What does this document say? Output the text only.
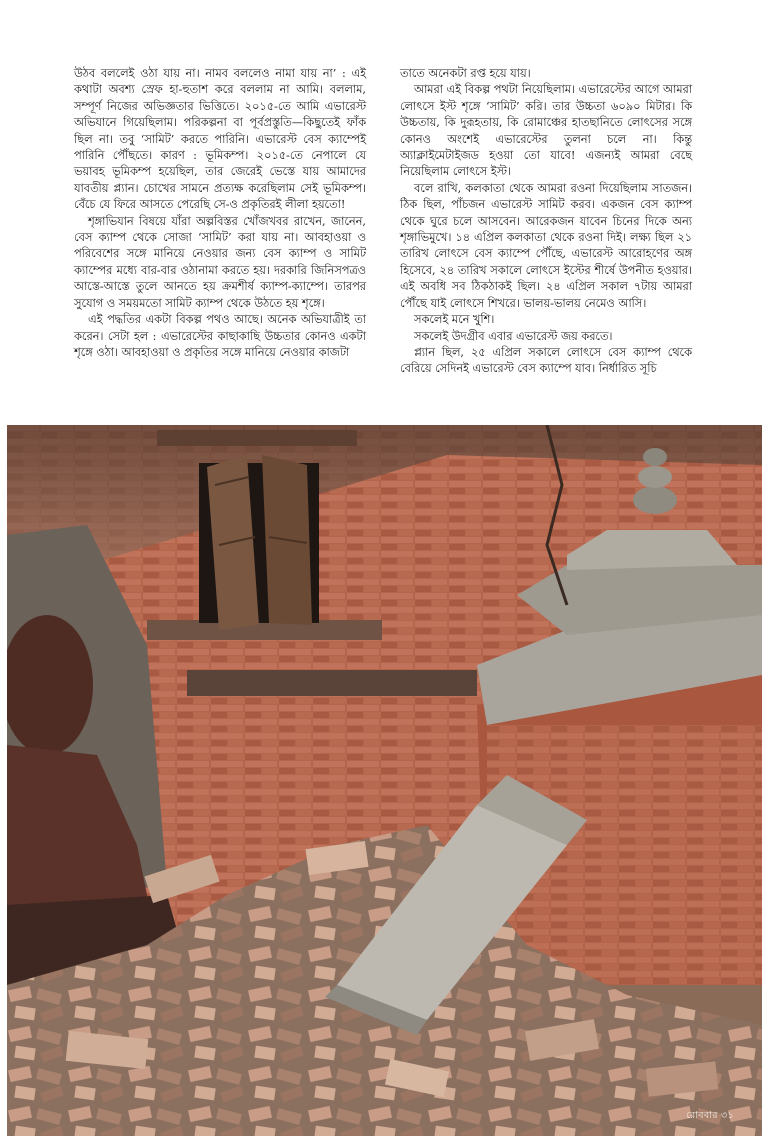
উঠব বললেই ওঠা যায় না। নামব বললেও নামা যায় না’ : এই কথাটা অবশ্য স্রেফ হা-হুতাশ করে বললাম না আমি। বললাম, সম্পূর্ণ নিজের অভিজ্ঞতার ভিত্তিতে। ২০১৫-তে আমি এভারেস্ট অভিযানে গিয়েছিলাম। পরিকল্পনা বা পূর্বপ্রস্তুতি—কিছুতেই ফাঁক ছিল না। তবু ‘সামিট’ করতে পারিনি। এভারেস্ট বেস ক্যাম্পেই পারিনি পৌঁছতে। কারণ : ভূমিকম্প। ২০১৫-তে নেপালে যে ভয়াবহ ভূমিকম্প হয়েছিল, তার জেরেই ভেস্তে যায় আমাদের যাবতীয় প্ল্যান। চোখের সামনে প্রত্যক্ষ করেছিলাম সেই ভূমিকম্প। বেঁচে যে ফিরে আসতে পেরেছি সে-ও প্রকৃতিরই লীলা হয়তো!

শৃঙ্গাভিযান বিষয়ে যাঁরা অল্পবিস্তর খোঁজখবর রাখেন, জানেন, বেস ক্যাম্প থেকে সোজা ‘সামিট’ করা যায় না। আবহাওয়া ও পরিবেশের সঙ্গে মানিয়ে নেওয়ার জন্য বেস ক্যাম্প ও সামিট ক্যাম্পের মধ্যে বার-বার ওঠানামা করতে হয়। দরকারি জিনিসপত্রও আস্তে-আস্তে তুলে আনতে হয় ক্রমশীর্ষ ক্যাম্প-ক্যাম্পে। তারপর সুযোগ ও সময়মতো সামিট ক্যাম্প থেকে উঠতে হয় শৃঙ্গে।

এই পদ্ধতির একটা বিকল্প পথও আছে। অনেক অভিযাত্রীই তা করেন। সেটা হল : এভারেস্টের কাছাকাছি উচ্চতার কোনও একটা শৃঙ্গে ওঠা। আবহাওয়া ও প্রকৃতির সঙ্গে মানিয়ে নেওয়ার কাজটা

তাতে অনেকটা রপ্ত হয়ে যায়।

আমরা এই বিকল্প পথটা নিয়েছিলাম। এভারেস্টের আগে আমরা লোৎসে ইস্ট শৃঙ্গে ‘সামিট’ করি। তার উচ্চতা ৬০৯০ মিটার। কি উচ্চতায়, কি দুরূহতায়, কি রোমাঞ্চের হাতছানিতে লোৎসের সঙ্গে কোনও অংশেই এভারেস্টের তুলনা চলে না। কিন্তু অ্যাক্লাইমেটাইজড হওয়া তো যাবে! এজন্যই আমরা বেছে নিয়েছিলাম লোৎসে ইস্ট।

বলে রাখি, কলকাতা থেকে আমরা রওনা দিয়েছিলাম সাতজন। ঠিক ছিল, পাঁচজন এভারেস্ট সামিট করব। একজন বেস ক্যাম্প থেকে ঘুরে চলে আসবেন। আরেকজন যাবেন চিনের দিকে অন্য শৃঙ্গাভিমুখে। ১৪ এপ্রিল কলকাতা থেকে রওনা দিই। লক্ষ্য ছিল ২১ তারিখ লোৎসে বেস ক্যাম্পে পৌঁছে, এভারেস্ট আরোহণের অঙ্গ হিসেবে, ২৪ তারিখ সকালে লোৎসে ইস্টের শীর্ষে উপনীত হওয়ার। এই অবধি সব ঠিকঠাকই ছিল। ২৪ এপ্রিল সকাল ৭টায় আমরা পৌঁছে যাই লোৎসে শিখরে। ভালয়-ভালয় নেমেও আসি।

সকলেই মনে খুশি।

সকলেই উদগ্রীব এবার এভারেস্ট জয় করতে।

প্ল্যান ছিল, ২৫ এপ্রিল সকালে লোৎসে বেস ক্যাম্প থেকে বেরিয়ে সেদিনই এভারেস্ট বেস ক্যাম্পে যাব। নির্ধারিত সূচি

রোববার ৩১
